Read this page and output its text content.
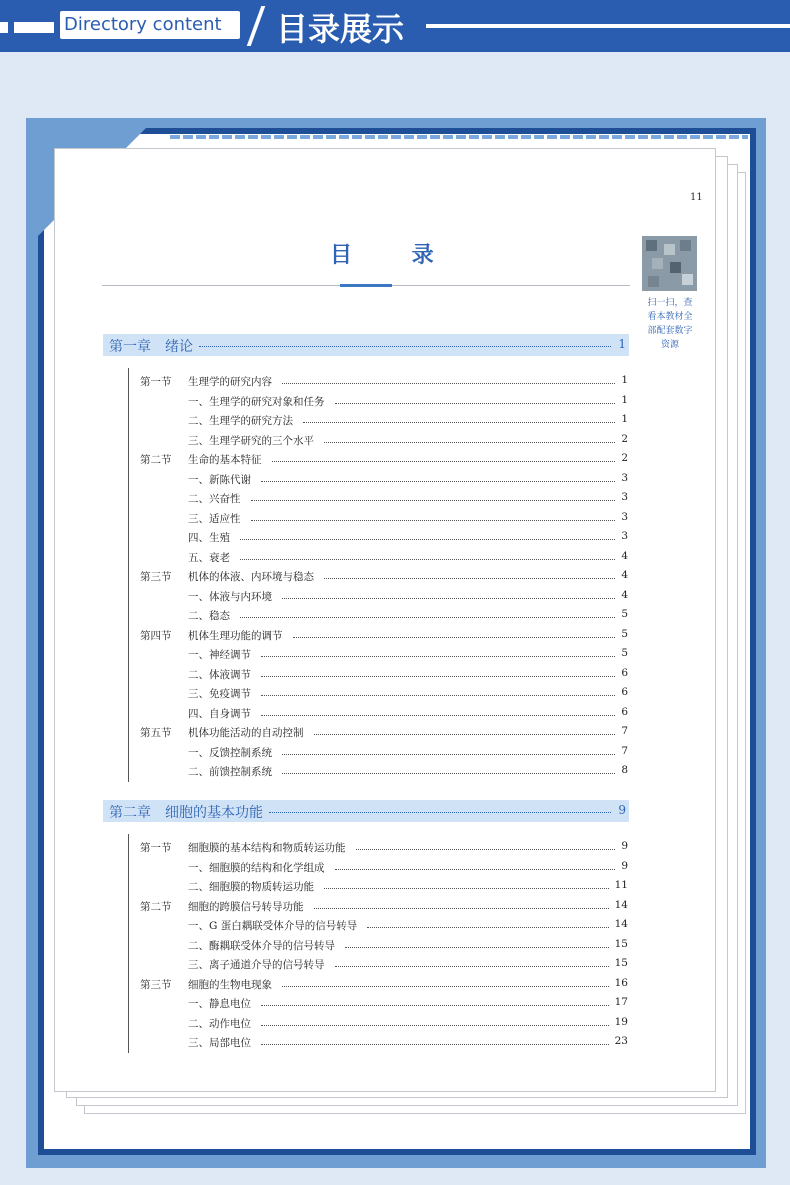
Directory content 目录展示
11
目 录
扫一扫，查
看本教材全
部配套数字
资源
第一章　绪论	1
第一节 生理学的研究内容	1
一、生理学的研究对象和任务	1
二、生理学的研究方法	1
三、生理学研究的三个水平	2
第二节 生命的基本特征	2
一、新陈代谢	3
二、兴奋性	3
三、适应性	3
四、生殖	3
五、衰老	4
第三节 机体的体液、内环境与稳态	4
一、体液与内环境	4
二、稳态	5
第四节 机体生理功能的调节	5
一、神经调节	5
二、体液调节	6
三、免疫调节	6
四、自身调节	6
第五节 机体功能活动的自动控制	7
一、反馈控制系统	7
二、前馈控制系统	8
第二章　细胞的基本功能	9
第一节 细胞膜的基本结构和物质转运功能	9
一、细胞膜的结构和化学组成	9
二、细胞膜的物质转运功能	11
第二节 细胞的跨膜信号转导功能	14
一、G 蛋白耦联受体介导的信号转导	14
二、酶耦联受体介导的信号转导	15
三、离子通道介导的信号转导	15
第三节 细胞的生物电现象	16
一、静息电位	17
二、动作电位	19
三、局部电位	23
